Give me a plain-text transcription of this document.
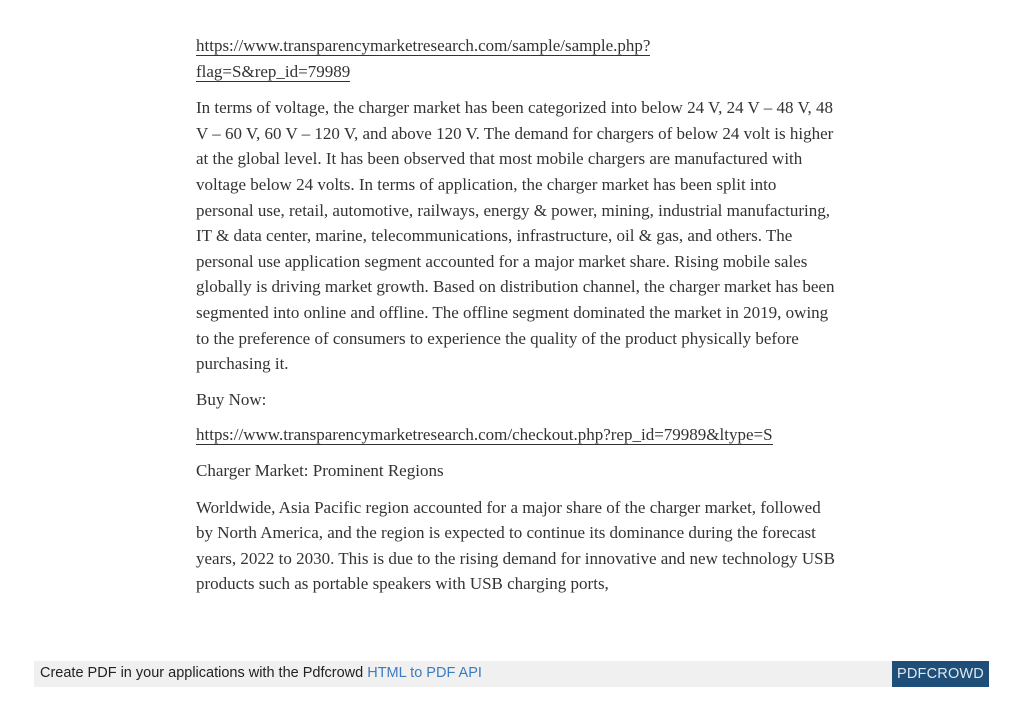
https://www.transparencymarketresearch.com/sample/sample.php?
flag=S&rep_id=79989

In terms of voltage, the charger market has been categorized into below 24 V, 24 V – 48 V, 48 V – 60 V, 60 V – 120 V, and above 120 V. The demand for chargers of below 24 volt is higher at the global level. It has been observed that most mobile chargers are manufactured with voltage below 24 volts. In terms of application, the charger market has been split into personal use, retail, automotive, railways, energy & power, mining, industrial manufacturing, IT & data center, marine, telecommunications, infrastructure, oil & gas, and others. The personal use application segment accounted for a major market share. Rising mobile sales globally is driving market growth. Based on distribution channel, the charger market has been segmented into online and offline. The offline segment dominated the market in 2019, owing to the preference of consumers to experience the quality of the product physically before purchasing it.

Buy Now:

https://www.transparencymarketresearch.com/checkout.php?rep_id=79989&ltype=S

Charger Market: Prominent Regions

Worldwide, Asia Pacific region accounted for a major share of the charger market, followed by North America, and the region is expected to continue its dominance during the forecast years, 2022 to 2030. This is due to the rising demand for innovative and new technology USB products such as portable speakers with USB charging ports,

Create PDF in your applications with the Pdfcrowd HTML to PDF API	PDFCROWD
